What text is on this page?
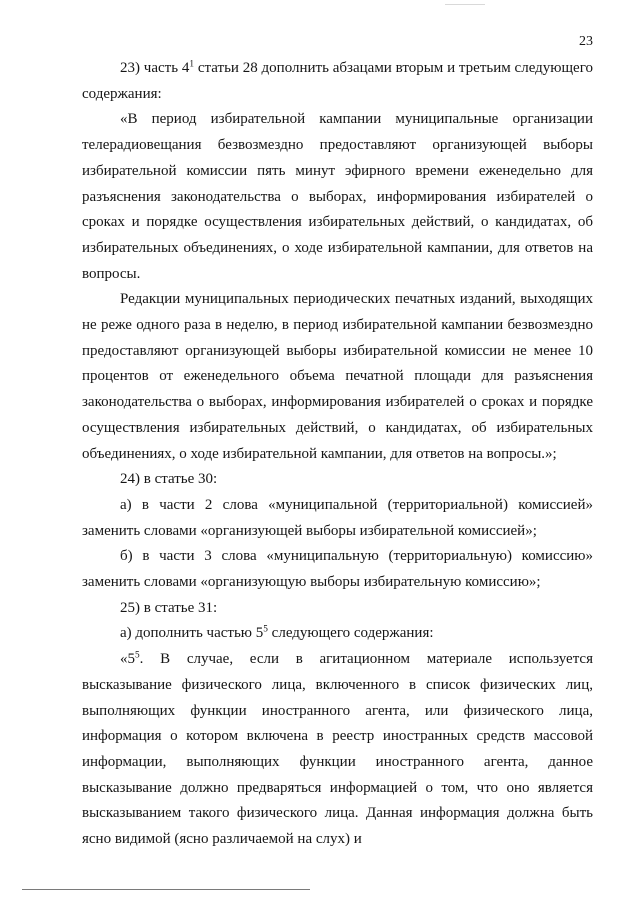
23

23) часть $4^1$ статьи 28 дополнить абзацами вторым и третьим следующего содержания:

«В период избирательной кампании муниципальные организации телерадиовещания безвозмездно предоставляют организующей выборы избирательной комиссии пять минут эфирного времени еженедельно для разъяснения законодательства о выборах, информирования избирателей о сроках и порядке осуществления избирательных действий, о кандидатах, об избирательных объединениях, о ходе избирательной кампании, для ответов на вопросы.

Редакции муниципальных периодических печатных изданий, выходящих не реже одного раза в неделю, в период избирательной кампании безвозмездно предоставляют организующей выборы избирательной комиссии не менее 10 процентов от еженедельного объема печатной площади для разъяснения законодательства о выборах, информирования избирателей о сроках и порядке осуществления избирательных действий, о кандидатах, об избирательных объединениях, о ходе избирательной кампании, для ответов на вопросы.»;

24) в статье 30:

а) в части 2 слова «муниципальной (территориальной) комиссией» заменить словами «организующей выборы избирательной комиссией»;

б) в части 3 слова «муниципальную (территориальную) комиссию» заменить словами «организующую выборы избирательную комиссию»;

25) в статье 31:

а) дополнить частью $5^5$ следующего содержания:

«$5^5$. В случае, если в агитационном материале используется высказывание физического лица, включенного в список физических лиц, выполняющих функции иностранного агента, или физического лица, информация о котором включена в реестр иностранных средств массовой информации, выполняющих функции иностранного агента, данное высказывание должно предваряться информацией о том, что оно является высказыванием такого физического лица. Данная информация должна быть ясно видимой (ясно различаемой на слух) и
